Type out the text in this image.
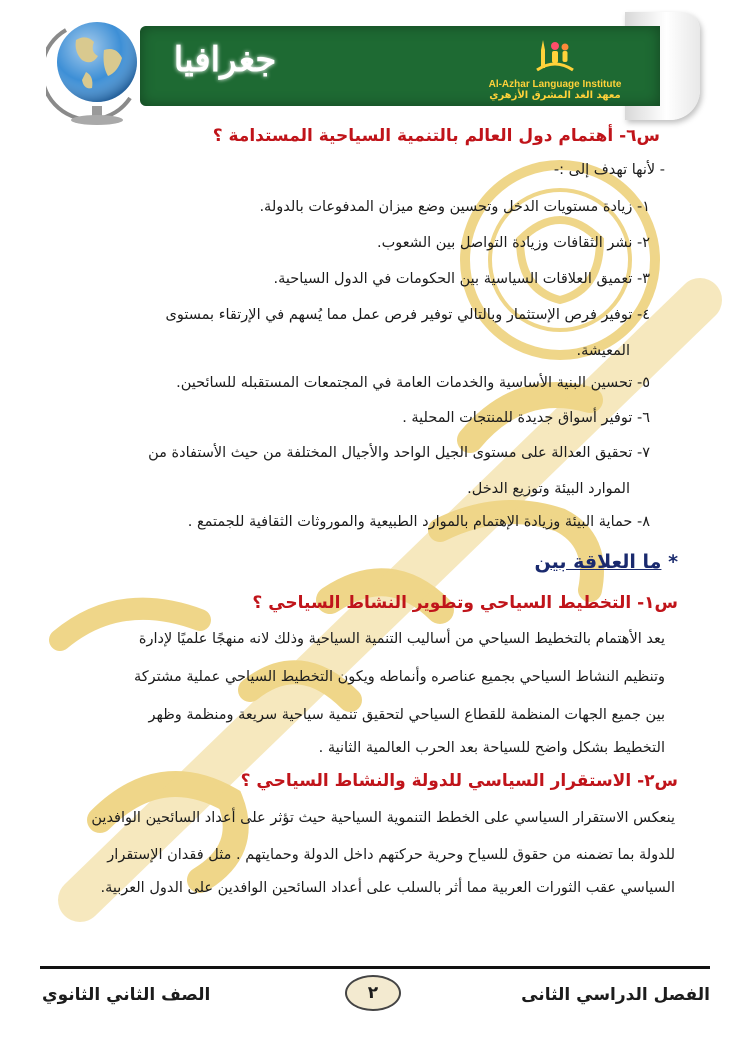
جغرافيا
Al-Azhar Language Institute
معهد الغد المشرق الأزهري
س٦- أهتمام دول العالم بالتنمية السياحية المستدامة ؟
- لأنها تهدف إلى :-
١- زيادة مستويات الدخل وتحسين وضع ميزان المدفوعات بالدولة.
٢- نشر الثقافات وزيادة التواصل بين الشعوب.
٣- تعميق العلاقات السياسية بين الحكومات في الدول السياحية.
٤- توفير فرص الإستثمار وبالتالي توفير فرص عمل مما يُسهم في الإرتقاء بمستوى
المعيشة.
٥- تحسين البنية الأساسية والخدمات العامة في المجتمعات المستقبله للسائحين.
٦- توفير أسواق جديدة للمنتجات المحلية .
٧- تحقيق العدالة على مستوى الجيل الواحد والأجيال المختلفة من حيث الأستفادة من
الموارد البيئة وتوزيع الدخل.
٨- حماية البيئة وزيادة الإهتمام بالموارد الطبيعية والموروثات الثقافية للجمتمع .
* ما العلاقة بين
س١- التخطيط السياحي وتطوير النشاط السياحي ؟
يعد الأهتمام بالتخطيط السياحي من أساليب التنمية السياحية وذلك لانه منهجًا علميًا لإدارة
وتنظيم النشاط السياحي بجميع عناصره وأنماطه ويكون التخطيط السياحي عملية مشتركة
بين جميع الجهات المنظمة للقطاع السياحي لتحقيق تنمية سياحية سريعة ومنظمة وظهر
التخطيط بشكل واضح للسياحة بعد الحرب العالمية الثانية .
س٢- الاستقرار السياسي للدولة والنشاط السياحي ؟
ينعكس الاستقرار السياسي على الخطط التنموية السياحية حيث تؤثر على أعداد السائحين الوافدين
للدولة بما تضمنه من حقوق للسياح وحرية حركتهم داخل الدولة وحمايتهم . مثل فقدان الإستقرار
السياسي عقب الثورات العربية مما أثر بالسلب على أعداد السائحين الوافدين على الدول العربية.
الفصل الدراسي الثانى
٢
الصف الثاني الثانوي
